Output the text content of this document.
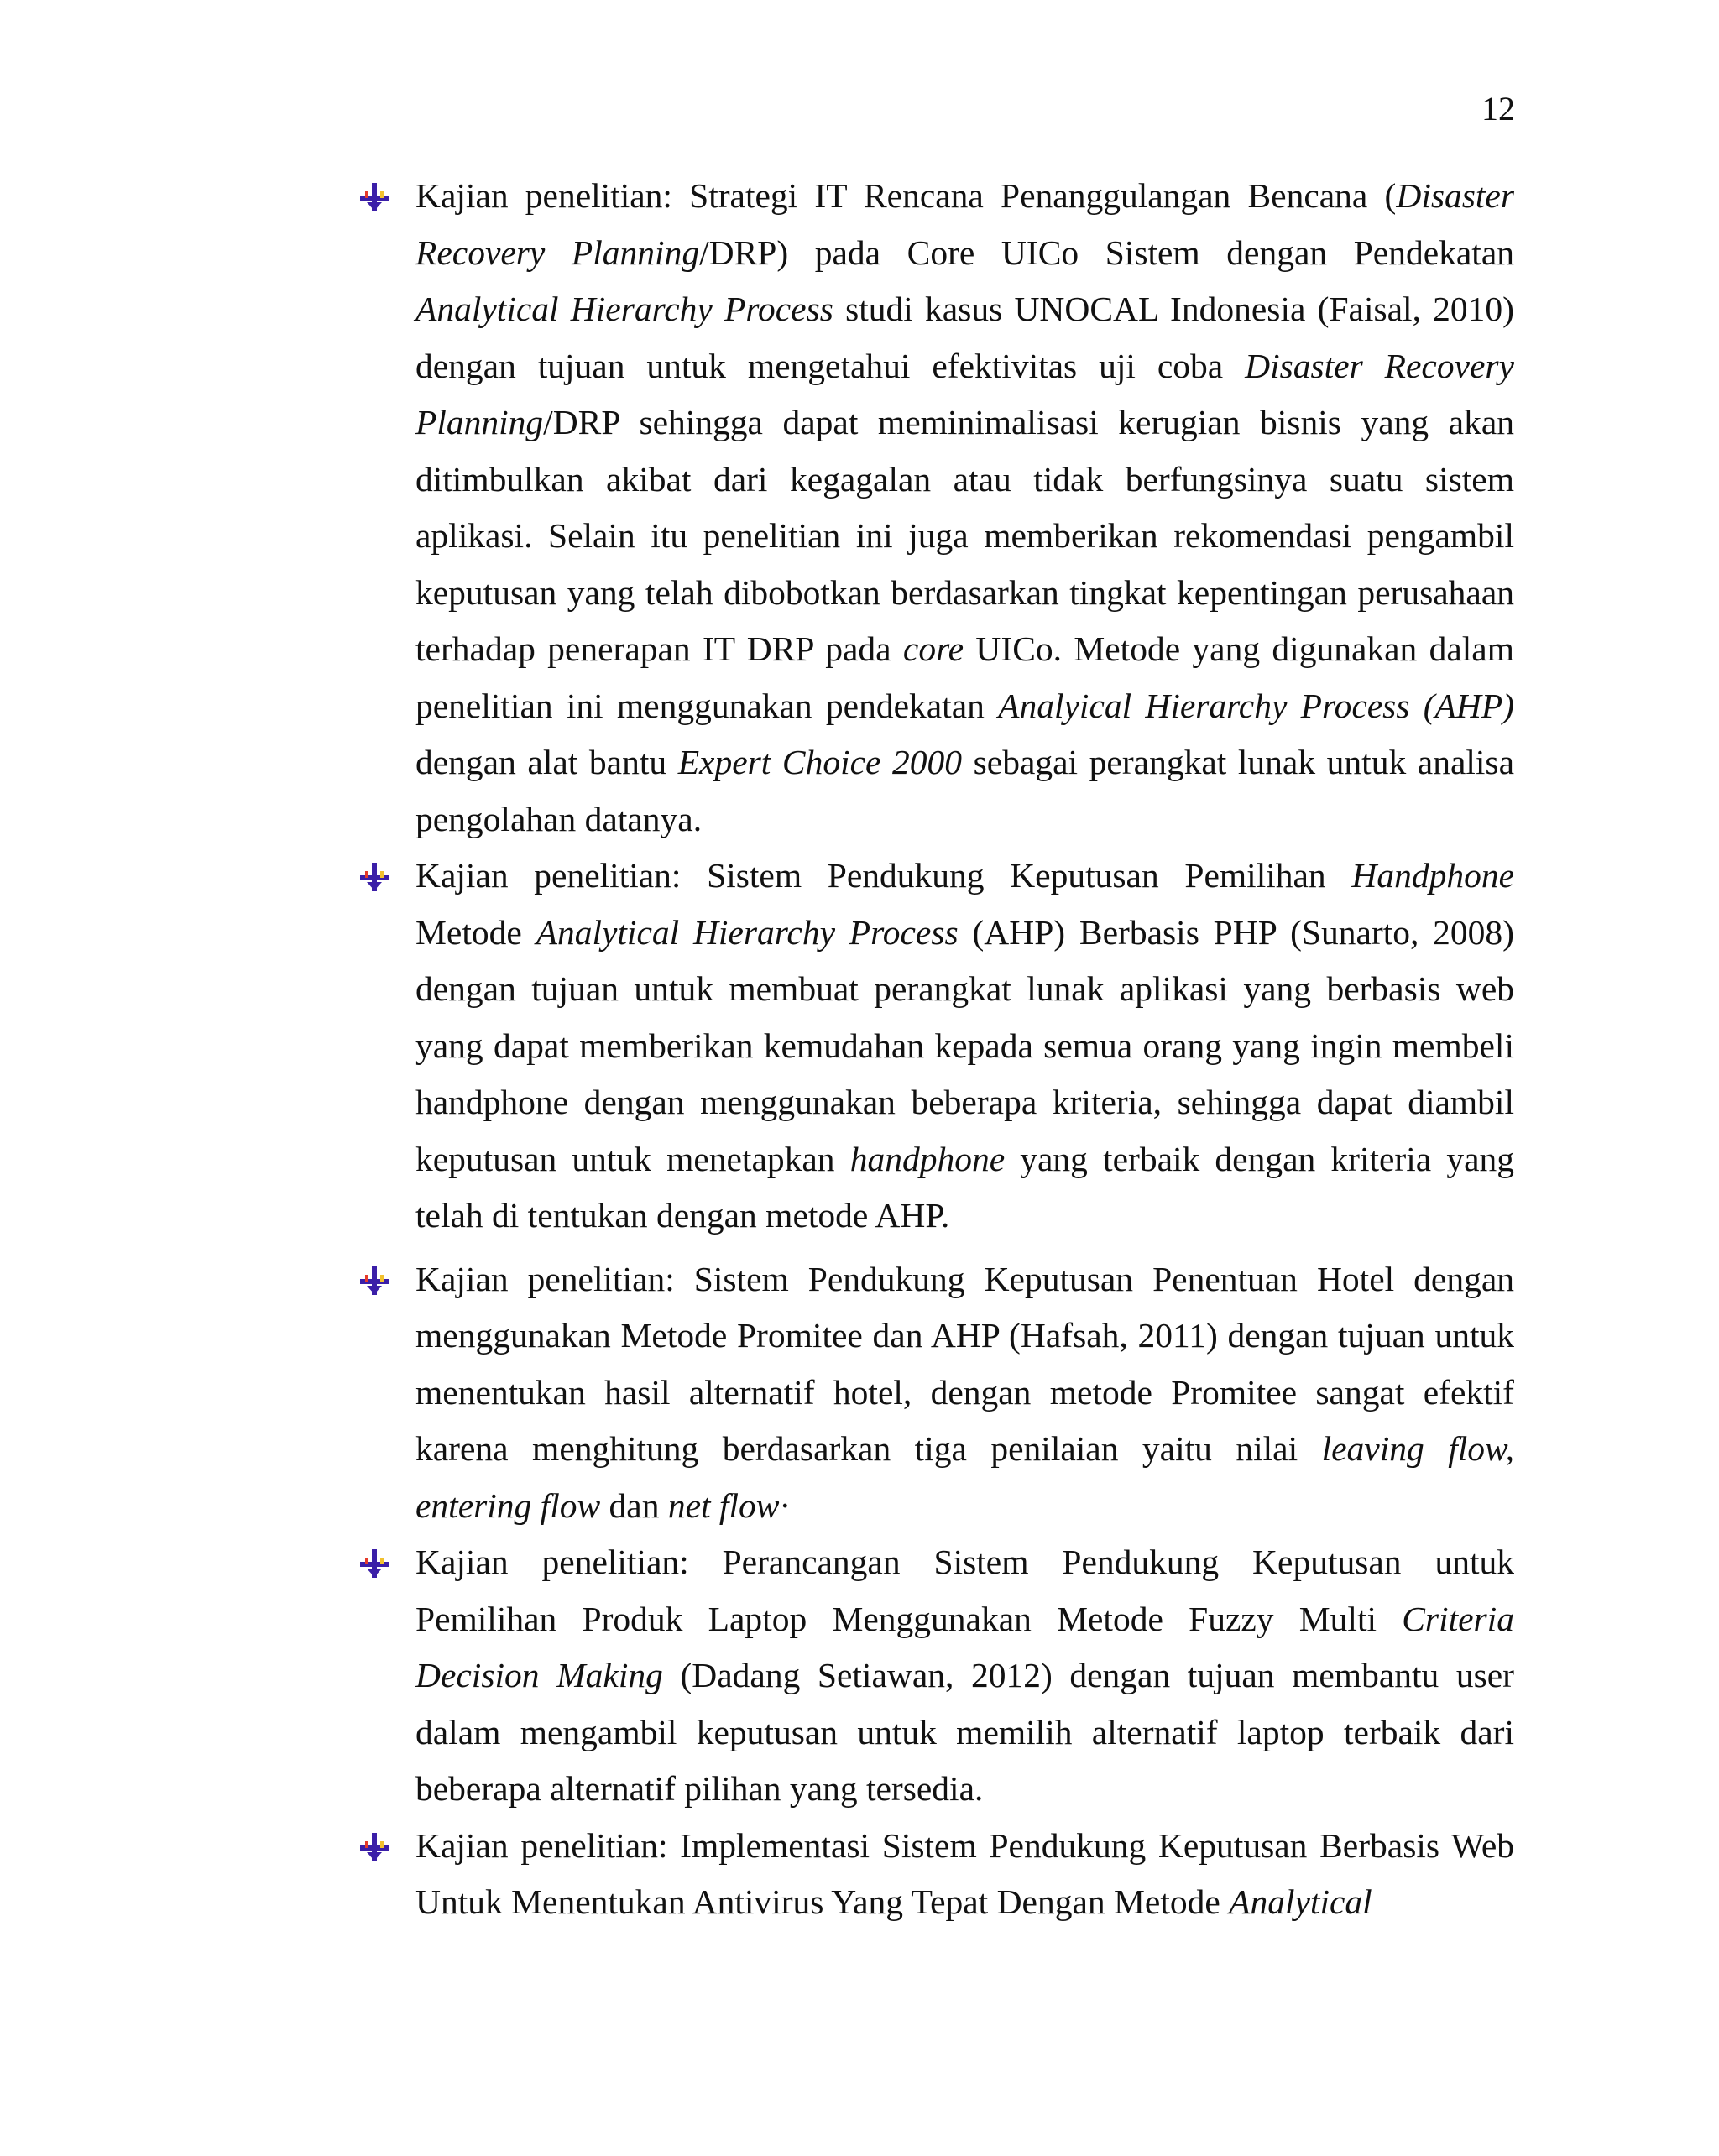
12

Kajian penelitian: Strategi IT Rencana Penanggulangan Bencana (Disaster Recovery Planning/DRP) pada Core UICo Sistem dengan Pendekatan Analytical Hierarchy Process studi kasus UNOCAL Indonesia (Faisal, 2010) dengan tujuan untuk mengetahui efektivitas uji coba Disaster Recovery Planning/DRP sehingga dapat meminimalisasi kerugian bisnis yang akan ditimbulkan akibat dari kegagalan atau tidak berfungsinya suatu sistem aplikasi. Selain itu penelitian ini juga memberikan rekomendasi pengambil keputusan yang telah dibobotkan berdasarkan tingkat kepentingan perusahaan terhadap penerapan IT DRP pada core UICo. Metode yang digunakan dalam penelitian ini menggunakan pendekatan Analyical Hierarchy Process (AHP) dengan alat bantu Expert Choice 2000 sebagai perangkat lunak untuk analisa pengolahan datanya.

Kajian penelitian: Sistem Pendukung Keputusan Pemilihan Handphone Metode Analytical Hierarchy Process (AHP) Berbasis PHP (Sunarto, 2008) dengan tujuan untuk membuat perangkat lunak aplikasi yang berbasis web yang dapat memberikan kemudahan kepada semua orang yang ingin membeli handphone dengan menggunakan beberapa kriteria, sehingga dapat diambil keputusan untuk menetapkan handphone yang terbaik dengan kriteria yang telah di tentukan dengan metode AHP.

Kajian penelitian: Sistem Pendukung Keputusan Penentuan Hotel dengan menggunakan Metode Promitee dan AHP (Hafsah, 2011) dengan tujuan untuk menentukan hasil alternatif hotel, dengan metode Promitee sangat efektif karena menghitung berdasarkan tiga penilaian yaitu nilai leaving flow, entering flow dan net flow·

Kajian penelitian: Perancangan Sistem Pendukung Keputusan untuk Pemilihan Produk Laptop Menggunakan Metode Fuzzy Multi Criteria Decision Making (Dadang Setiawan, 2012) dengan tujuan membantu user dalam mengambil keputusan untuk memilih alternatif laptop terbaik dari beberapa alternatif pilihan yang tersedia.

Kajian penelitian: Implementasi Sistem Pendukung Keputusan Berbasis Web Untuk Menentukan Antivirus Yang Tepat Dengan Metode Analytical
